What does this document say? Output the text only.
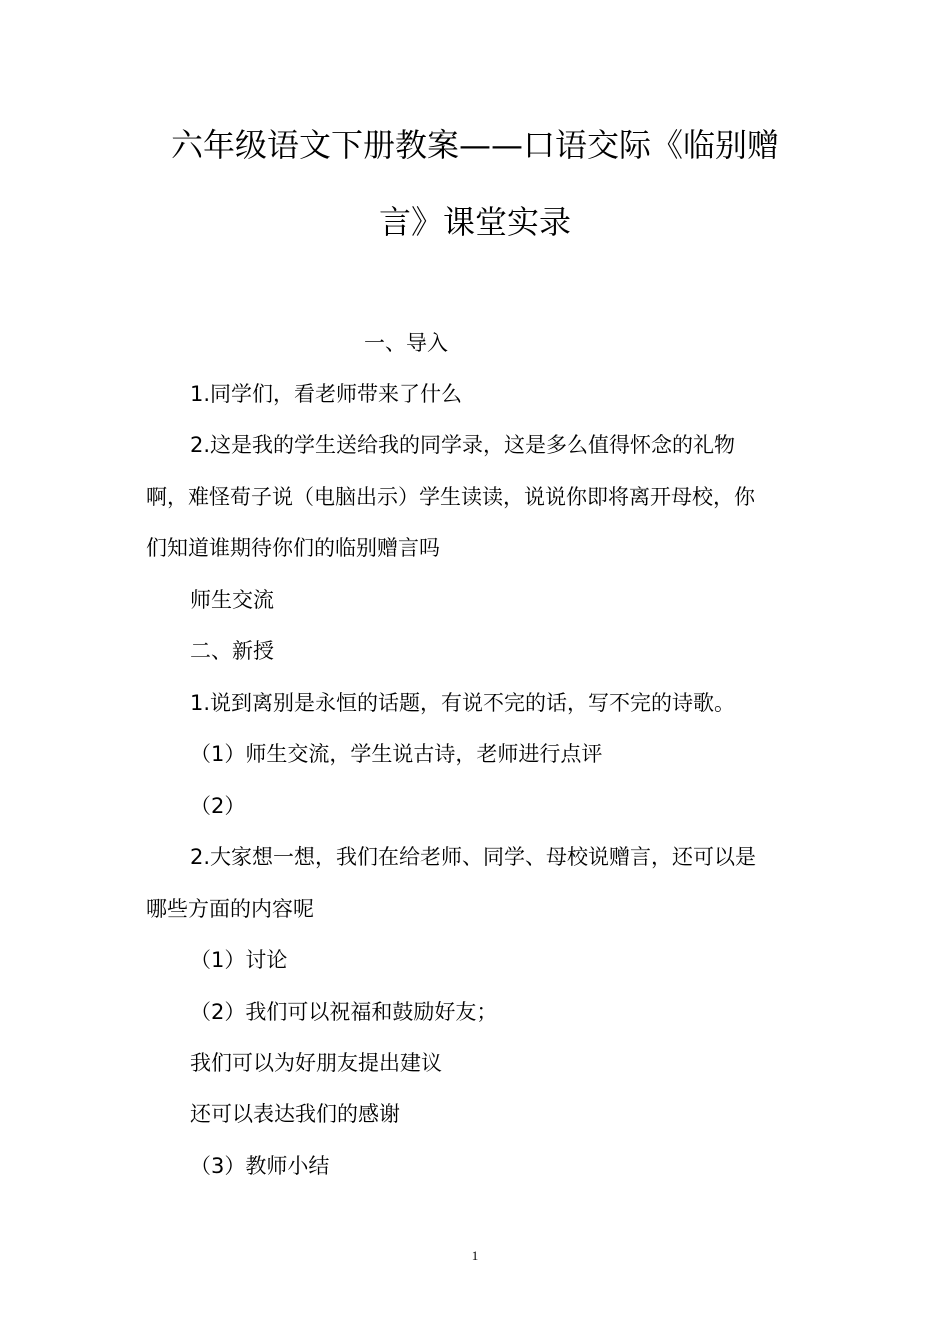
六年级语文下册教案——口语交际《临别赠
言》课堂实录
一、导入
1.同学们，看老师带来了什么
2.这是我的学生送给我的同学录，这是多么值得怀念的礼物
啊，难怪荀子说（电脑出示）学生读读，说说你即将离开母校，你
们知道谁期待你们的临别赠言吗
师生交流
二、新授
1.说到离别是永恒的话题，有说不完的话，写不完的诗歌。
（1）师生交流，学生说古诗，老师进行点评
（2）
2.大家想一想，我们在给老师、同学、母校说赠言，还可以是
哪些方面的内容呢
（1）讨论
（2）我们可以祝福和鼓励好友；
我们可以为好朋友提出建议
还可以表达我们的感谢
（3）教师小结
1
